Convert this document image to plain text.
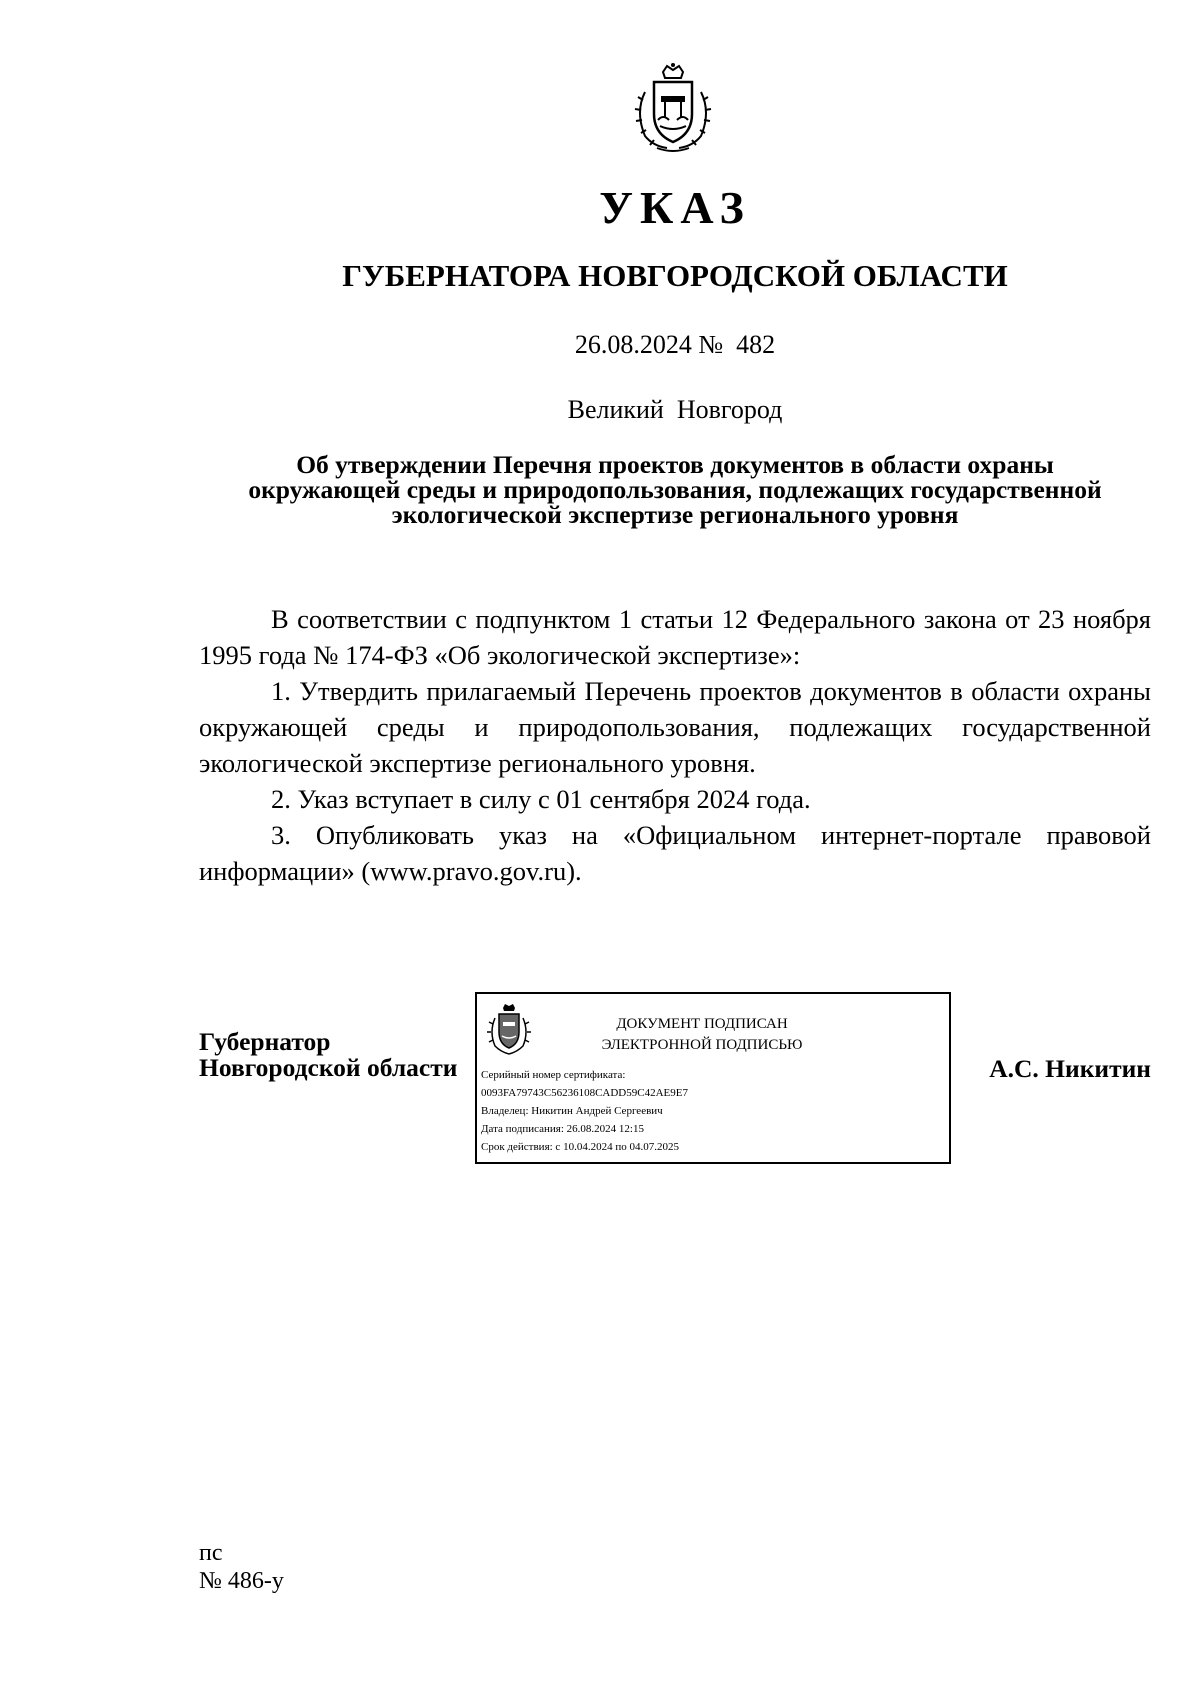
УКАЗ
ГУБЕРНАТОРА НОВГОРОДСКОЙ ОБЛАСТИ
26.08.2024 №  482
Великий  Новгород
Об утверждении Перечня проектов документов в области охраны
окружающей среды и природопользования, подлежащих государственной
экологической экспертизе регионального уровня

В соответствии с подпунктом 1 статьи 12 Федерального закона от 23 ноября 1995 года № 174-ФЗ «Об экологической экспертизе»:

1. Утвердить прилагаемый Перечень проектов документов в области охраны окружающей среды и природопользования, подлежащих государственной экологической экспертизе регионального уровня.

2. Указ вступает в силу с 01 сентября 2024 года.

3. Опубликовать указ на «Официальном интернет-портале правовой информации» (www.pravo.gov.ru).

Губернатор
Новгородской области
ДОКУМЕНТ ПОДПИСАН
ЭЛЕКТРОННОЙ ПОДПИСЬЮ
Серийный номер сертификата:
0093FA79743C56236108CADD59C42AE9E7
Владелец: Никитин Андрей Сергеевич
Дата подписания: 26.08.2024 12:15
Срок действия: с 10.04.2024 по 04.07.2025
А.С. Никитин
пс
№ 486-у
